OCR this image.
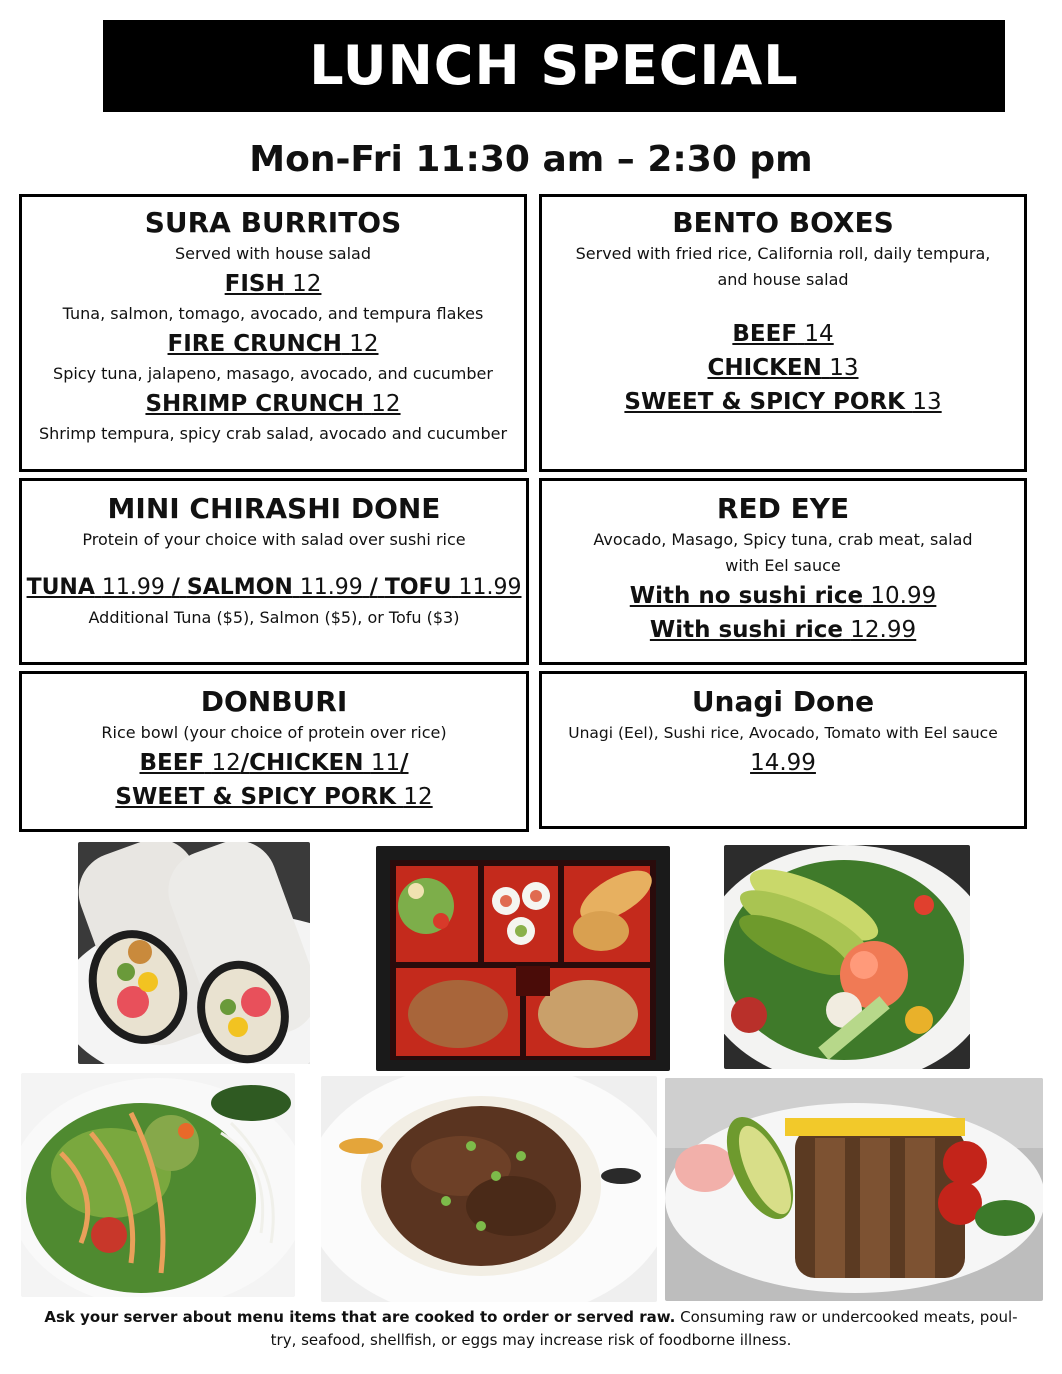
LUNCH SPECIAL
Mon-Fri 11:30 am – 2:30 pm
SURA BURRITOS

Served with house salad

FISH 12

Tuna, salmon, tomago, avocado, and tempura flakes

FIRE CRUNCH 12

Spicy tuna, jalapeno, masago, avocado, and cucumber

SHRIMP CRUNCH 12

Shrimp tempura, spicy crab salad, avocado and cucumber

BENTO BOXES

Served with fried rice, California roll, daily tempura,

and house salad

BEEF 14

CHICKEN 13

SWEET & SPICY PORK 13

MINI CHIRASHI DONE

Protein of your choice with salad over sushi rice

TUNA 11.99 / SALMON 11.99 / TOFU 11.99

Additional Tuna ($5), Salmon ($5), or Tofu ($3)

RED EYE

Avocado, Masago, Spicy tuna, crab meat, salad

with Eel sauce

With no sushi rice 10.99

With sushi rice 12.99

DONBURI

Rice bowl (your choice of protein over rice)

BEEF 12/CHICKEN 11/

SWEET & SPICY PORK 12

Unagi Done

Unagi (Eel), Sushi rice, Avocado, Tomato with Eel sauce

14.99

Ask your server about menu items that are cooked to order or served raw. Consuming raw or undercooked meats, poul-
try, seafood, shellfish, or eggs may increase risk of foodborne illness.
